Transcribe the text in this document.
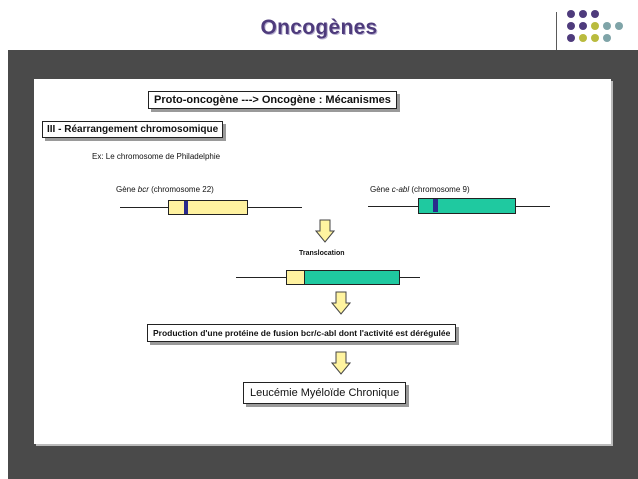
Oncogènes
Proto-oncogène ---> Oncogène : Mécanismes
III - Réarrangement chromosomique
Ex: Le chromosome de Philadelphie
Gène bcr (chromosome 22)	Gène c-abl (chromosome 9)
Translocation
Production d'une protéine de fusion bcr/c-abl dont l'activité est dérégulée
Leucémie Myéloïde Chronique
